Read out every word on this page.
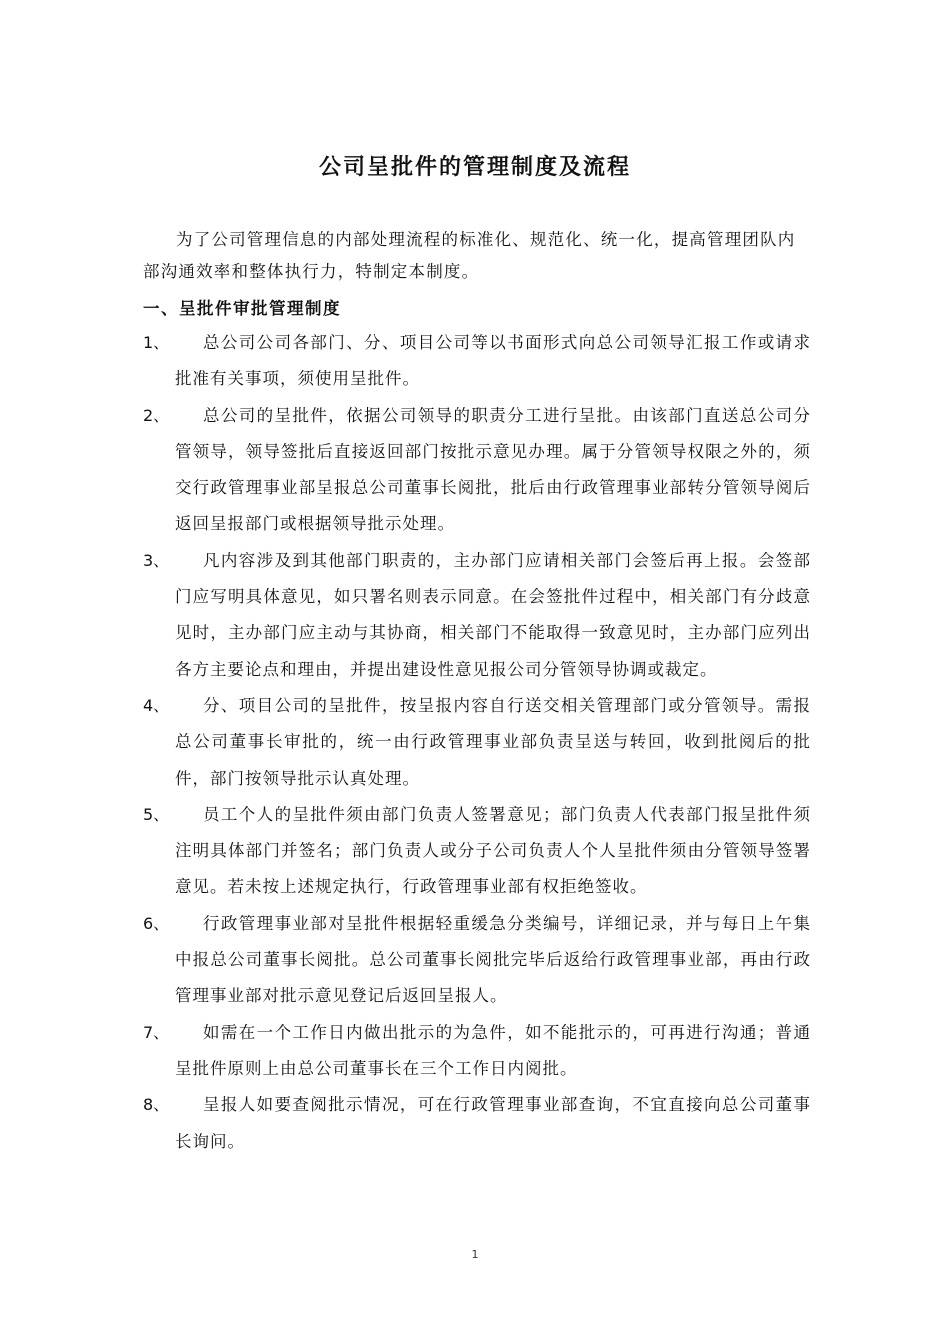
公司呈批件的管理制度及流程

为了公司管理信息的内部处理流程的标准化、规范化、统一化，提高管理团队内部沟通效率和整体执行力，特制定本制度。

一、呈批件审批管理制度
1、	总公司公司各部门、分、项目公司等以书面形式向总公司领导汇报工作或请求批准有关事项，须使用呈批件。

2、	总公司的呈批件，依据公司领导的职责分工进行呈批。由该部门直送总公司分管领导，领导签批后直接返回部门按批示意见办理。属于分管领导权限之外的，须交行政管理事业部呈报总公司董事长阅批，批后由行政管理事业部转分管领导阅后返回呈报部门或根据领导批示处理。

3、	凡内容涉及到其他部门职责的，主办部门应请相关部门会签后再上报。会签部门应写明具体意见，如只署名则表示同意。在会签批件过程中，相关部门有分歧意见时，主办部门应主动与其协商，相关部门不能取得一致意见时，主办部门应列出各方主要论点和理由，并提出建设性意见报公司分管领导协调或裁定。

4、	分、项目公司的呈批件，按呈报内容自行送交相关管理部门或分管领导。需报总公司董事长审批的，统一由行政管理事业部负责呈送与转回，收到批阅后的批件，部门按领导批示认真处理。

5、	员工个人的呈批件须由部门负责人签署意见；部门负责人代表部门报呈批件须注明具体部门并签名；部门负责人或分子公司负责人个人呈批件须由分管领导签署意见。若未按上述规定执行，行政管理事业部有权拒绝签收。

6、	行政管理事业部对呈批件根据轻重缓急分类编号，详细记录，并与每日上午集中报总公司董事长阅批。总公司董事长阅批完毕后返给行政管理事业部，再由行政管理事业部对批示意见登记后返回呈报人。

7、	如需在一个工作日内做出批示的为急件，如不能批示的，可再进行沟通；普通呈批件原则上由总公司董事长在三个工作日内阅批。

8、	呈报人如要查阅批示情况，可在行政管理事业部查询，不宜直接向总公司董事长询问。

1
